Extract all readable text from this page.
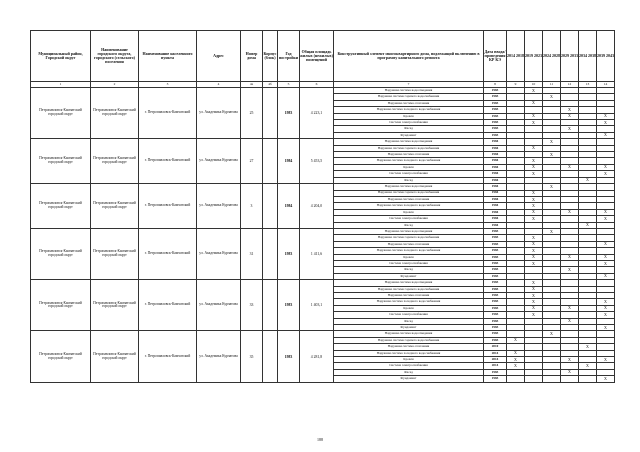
Муниципальный район, Городской округ	Наименование городского округа, городского (сельского) поселения	Наименование населенного пункта	Адрес	Номер дома	Корпус (блок)	Год постройки	Общая площадь жилых (нежилых) помещений	Конструктивный элемент многоквартирного дома, подлежащий включению в программу капитального ремонта	Дата ввода/ проведения КР КЭ	2014 2018	2019 2023	2024 2028	2029 2033	2034 2038	2039 2043
1	2	3	4	4а	4б	5	6	7	8	9	10	11	12	13	14
Петропавловск-Камчатский городской округ	Петропавловск-Камчатский городской округ	г. Петропавловск-Камчатский	ул. Академика Курчатова	25		1983	4 223,1	Наружная система водоотведения	1983		X				
								Наружная система горячего водоснабжения	1983			X			
								Наружная система отопления	1983		X				
								Наружная система холодного водоснабжения	1983				X		
								Кровля	1983		X		X		X
								Система электроснабжения	1983		X				X
								Фасад	1983				X		
								Фундамент	1983						X
Петропавловск-Камчатский городской округ	Петропавловск-Камчатский городской округ	г. Петропавловск-Камчатский	ул. Академика Курчатова	27		1984	5 453,5	Наружная система водоотведения	1984			X			
								Наружная система горячего водоснабжения	1984		X				
								Наружная система отопления	1984			X			
								Наружная система холодного водоснабжения	1984		X				
								Кровля	1984		X		X		X
								Система электроснабжения	1984		X				X
								Фасад	1984					X	
Петропавловск-Камчатский городской округ	Петропавловск-Камчатский городской округ	г. Петропавловск-Камчатский	ул. Академика Курчатова	3		1984	4 204,0	Наружная система водоотведения	1984			X			
								Наружная система горячего водоснабжения	1984		X				
								Наружная система отопления	1984		X				
								Наружная система холодного водоснабжения	1984		X				
								Кровля	1984		X		X		X
								Система электроснабжения	1984		X				X
								Фасад	1984					X	
Петропавловск-Камчатский городской округ	Петропавловск-Камчатский городской округ	г. Петропавловск-Камчатский	ул. Академика Курчатова	31		1983	1 411,6	Наружная система водоотведения	1983			X			
								Наружная система горячего водоснабжения	1983		X				
								Наружная система отопления	1983		X				X
								Наружная система холодного водоснабжения	1983		X				
								Кровля	1983		X		X		X
								Система электроснабжения	1983		X				X
								Фасад	1983				X		
								Фундамент	1983						X
Петропавловск-Камчатский городской округ	Петропавловск-Камчатский городской округ	г. Петропавловск-Камчатский	ул. Академика Курчатова	33		1983	1 403,1	Наружная система водоотведения	1983		X				
								Наружная система горячего водоснабжения	1983		X				
								Наружная система отопления	1983		X				
								Наружная система холодного водоснабжения	1983		X				X
								Кровля	1983		X		X		X
								Система электроснабжения	1983		X				X
								Фасад	1983				X		
								Фундамент	1983						X
Петропавловск-Камчатский городской округ	Петропавловск-Камчатский городской округ	г. Петропавловск-Камчатский	ул. Академика Курчатова	35		1983	4 281,8	Наружная система водоотведения	1983			X			
								Наружная система горячего водоснабжения	1983	X					
								Наружная система отопления	2010					X	
								Наружная система холодного водоснабжения	2014	X					
								Кровля	2014	X			X		X
								Система электроснабжения	2014	X				X	
								Фасад	1983				X		
								Фундамент	1983						X
188
